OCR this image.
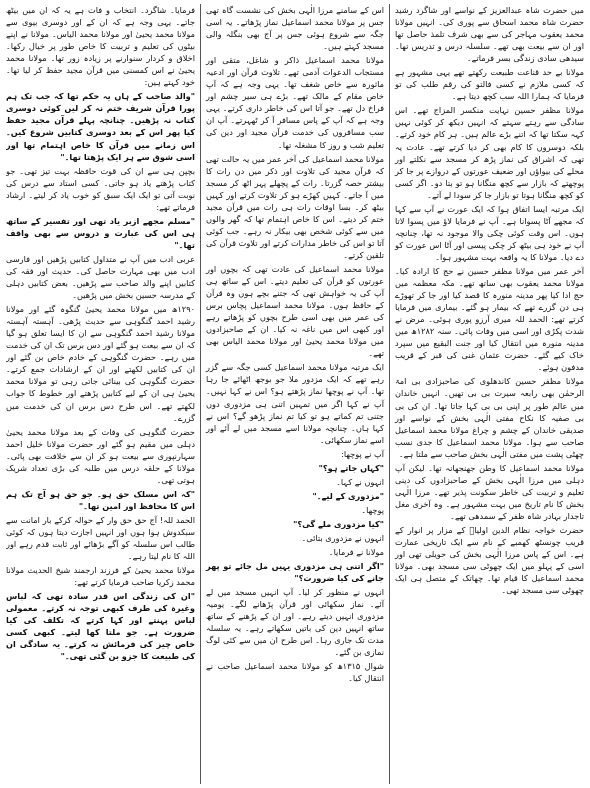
میں حضرت شاہ عبدالعزیز کے نواسے اور شاگرد رشید حضرت شاہ محمد اسحاق سے پوری کی۔ انہیں مولانا محمد یعقوب مہاجر کی سے بھی شرف تلمذ حاصل تھا اور ان سے بیعت بھی تھے۔ سلسلہ درس و تدریس تھا۔ سیدھی سادی زندگی بسر فرماتے۔

مولانا بے حد قناعت طبیعت رکھتے تھے یہی مشہور ہے کہ کسی ملازم نے کسی فالتو کی رقم طلب کی تو فرمایا کہ ہمارا اللہ سب کچھ دیتا ہے۔

مولانا مظفر حسین نہایت منکسر المزاج تھے۔ اس سادگی سے رہتے سہتے کہ انہیں دیکھ کر کوئی نہیں کہہ سکتا تھا کہ اتنے بڑے عالم ہیں۔ ہر کام خود کرتے۔ بلکہ دوسروں کا کام بھی کر دیا کرتے تھے۔ عادت یہ تھی کہ اشراق کی نماز پڑھ کر مسجد سے نکلتے اور محلے کی بیواؤں اور ضعیف عورتوں کے دروازے پر جا کر پوچھتے کہ بازار سے کچھ منگانا ہو تو بتا دو۔ اگر کسی کو کچھ منگانا ہوتا تو بازار جا کر سودا لے آتے۔

ایک مرتبہ ایسا اتفاق ہوا کہ ایک عورت نے آپ سے کہا کہ مجھے آٹا پسوانا ہے۔ آپ نے فرمایا لاؤ میں پسوا لاتا ہوں۔ اس وقت کوئی چکی والا موجود نہ تھا، چنانچہ آپ نے خود ہی بیٹھ کر چکی پیسی اور آٹا اس عورت کو دے دیا۔ مولانا کا یہ واقعہ بہت مشہور ہوا۔

آخر عمر میں مولانا مظفر حسین نے حج کا ارادہ کیا۔ مولانا محمد یعقوب بھی ساتھ تھے۔ مکہ معظمہ میں حج ادا کیا پھر مدینہ منورہ کا قصد کیا اور جا کر تھوڑے ہی دن گزرے تھے کہ بیمار ہو گئے۔ بیماری میں فرمایا کرتے تھے: الحمد للہ میری آرزو پوری ہوئی۔ مرض نے شدت پکڑی اور اسی میں وفات پائی۔ سنہ ۱۲۸۲ھ میں مدینہ منورہ میں انتقال کیا اور جنت البقیع میں سپرد خاک کیے گئے۔ حضرت عثمان غنی کی قبر کے قریب مدفون ہوئے۔

مولانا مظفر حسین کاندھلوی کی صاحبزادی بی امۃ الرحمٰن بھی رابعہ سیرت بی بی تھیں۔ انہیں خاندان میں عالم طور پر اپنی بی بی کہا جاتا تھا۔ ان کی بی بی صفیہ کا نکاح مفتی الٰہی بخش کے نواسے اور صدیقی خاندان کے چشم و چراغ مولانا محمد اسماعیل صاحب سے ہوا۔ مولانا محمد اسماعیل کا جدی نسب چھٹی پشت میں مفتی الٰہی بخش صاحب سے ملتا ہے۔

مولانا محمد اسماعیل کا وطن جھنجھانہ تھا۔ لیکن آپ دہلی میں مرزا الٰہی بخش کے صاحبزادوں کی دینی تعلیم و تربیت کی خاطر سکونت پذیر تھے۔ مرزا الٰہی بخش کا نام تاریخ میں بہت مشہور ہے۔ وہ آخری مغل تاجدار بہادر شاہ ظفر کے سمدھی تھے۔

حضرت خواجہ نظام الدین اولیاؒ کے مزار پر انوار کے قریب چونسٹھ کھمبے کے نام سے ایک تاریخی عمارت ہے۔ اس کے پاس مرزا الٰہی بخش کی حویلی تھی اور اسی کے پہلو میں ایک چھوٹی سی مسجد بھی۔ مولانا محمد اسماعیل کا قیام تھا۔ چھاتک کے متصل ہی ایک چھوٹی سی مسجد تھی۔

اس کے سامنے مرزا الٰہی بخش کی نشست گاہ تھی جس پر مولانا محمد اسماعیل نماز پڑھاتے۔ یہ اسی جگہ سے شروع ہوئی جس پر آج بھی بنگلہ والی مسجد کہتے ہیں۔

مولانا محمد اسماعیل ذاکر و شاغل، متقی اور مستجاب الدعوات آدمی تھے۔ تلاوت قرآن اور ادعیہ ماثورہ سے خاص شغف تھا۔ یہی وجہ ہے کہ آپ خاص مقام کے مالک تھے۔ بڑے ہی سیر چشم اور فراخ دل تھے۔ جو آتا اس کی خاطر داری کرتے۔ یہی وجہ ہے کہ آپ کے پاس مسافر آ کر ٹھہرتے۔ آپ ان سب مسافروں کی خدمت قرآن مجید اور دین کی تعلیم شب و روز کا مشغلہ تھا۔

مولانا محمد اسماعیل کی آخر عمر میں یہ حالت تھی کہ قرآن مجید کی تلاوت اور ذکر میں دن رات کا بیشتر حصہ گزرتا۔ رات کے پچھلے پہر اٹھ کر مسجد میں آ جاتے۔ کہیں کھڑے ہو کر تلاوت کرتے اور کہیں بیٹھ کر۔ بسا اوقات رات ہی رات میں قرآن مجید ختم کر دیتے۔ اس کا خاص اہتمام تھا کہ گھر والوں میں سے کوئی شخص بھی بیکار نہ رہے۔ جب کوئی آتا تو اس کی خاطر مدارات کرتے اور تلاوت قرآن کی تلقین کرتے۔

مولانا محمد اسماعیل کی عادت تھی کہ بچوں اور عورتوں کو قرآن کی تعلیم دیتے۔ اس کے ساتھ ہی آپ کی یہ خواہش تھی کہ جتنے بچے ہوں وہ قرآن کے حافظ ہوں۔ مولانا محمد اسماعیل پچاس برس کی عمر میں بھی اسی طرح بچوں کو پڑھاتے رہے اور کبھی اس میں ناغہ نہ کیا۔ ان کے صاحبزادوں میں مولانا محمد یحییٰ اور مولانا محمد الیاس بھی تھے۔

ایک مرتبہ مولانا محمد اسماعیل کسی جگہ سے گزر رہے تھے کہ ایک مزدور ملا جو بوجھ اٹھائے جا رہا تھا۔ آپ نے پوچھا نماز پڑھتے ہو؟ اس نے کہا نہیں۔ آپ نے کہا اگر میں تمہیں اتنی ہی مزدوری دوں جتنی تم کماتے ہو تو کیا تم نماز پڑھو گے؟ اس نے کہا ہاں۔ چنانچہ مولانا اسے مسجد میں لے آئے اور اسے نماز سکھائی۔

آپ نے پوچھا:

"کہاں جاتے ہو؟"

انہوں نے کہا۔

"مزدوری کے لیے۔"

پوچھا۔

"کیا مزدوری ملے گی؟"

انہوں نے مزدوری بتائی۔

مولانا نے فرمایا۔

"اگر اتنی ہی مزدوری یہیں مل جائے تو پھر جانے کی کیا ضرورت؟"

انہوں نے منظور کر لیا۔ آپ انہیں مسجد میں لے آئے۔ نماز سکھائی اور قرآن پڑھانے لگے۔ یومیہ مزدوری انہیں دیتے رہے۔ اور ان کے پڑھنے کے ساتھ ساتھ انہیں دین کی باتیں سکھاتے رہے۔ یہ سلسلہ مدت تک جاری رہا۔ اس طرح ان میں سے کئی لوگ نمازی بن گئے۔

شوال ۱۳۱۵ھ کو مولانا محمد اسماعیل صاحب نے انتقال کیا۔

فرمایا۔ شاگرد۔ انتخاب و فات ہے یہ کہ ان میں بیٹھ جاتے۔ یہی وجہ ہے کہ ان کے اور دوسری بیوی سے مولانا محمد یحییٰ اور مولانا محمد الیاس۔ مولانا نے اپنے بیٹوں کی تعلیم و تربیت کا خاص طور پر خیال رکھا۔ اخلاق و کردار سنوارنے پر زیادہ زور تھا۔ مولانا محمد یحییٰ نے اس کمسنی میں قرآن مجید حفظ کر لیا تھا۔ خود کہتے ہیں:

"والد صاحب کے ہاں یہ حکم تھا کہ جب تک ہم پورا قرآن شریف ختم نہ کر لیں کوئی دوسری کتاب نہ پڑھیں۔ چنانچہ پہلے قرآن مجید حفظ کیا پھر اس کے بعد دوسری کتابیں شروع کیں۔ اس زمانے میں قرآن کا خاص اہتمام تھا اور اسی شوق سے ہر ایک پڑھتا تھا۔"

بچپن ہی سے ان کی قوت حافظہ بہت تیز تھی۔ جو کتاب پڑھتے یاد ہو جاتی۔ کسی استاد سے درس کی نوبت آتی تو ایک ایک سبق کو خوب یاد کر لیتے۔ ارشاد فرماتے تھے:

"مسلم مجھے ازبر یاد تھی اور تفسیر کے ساتھ ہی اس کی عبارت و دروس سے بھی واقف تھا۔"

عربی ادب میں آپ نے متداول کتابیں پڑھیں اور فارسی ادب میں بھی مہارت حاصل کی۔ حدیث اور فقہ کی کتابیں اپنے والد صاحب سے پڑھیں۔ بعض کتابیں دہلی کے مدرسہ حسین بخش میں پڑھیں۔

۱۲۹۰ھ میں مولانا محمد یحییٰ گنگوہ گئے اور مولانا رشید احمد گنگوہی سے حدیث پڑھی۔ آہستہ آہستہ مولانا رشید احمد گنگوہی سے ان کا ایسا تعلق ہو گیا کہ ان سے بیعت ہو گئے اور دس برس تک ان کی خدمت میں رہے۔ حضرت گنگوہی کے خادم خاص بن گئے اور ان کی کتابیں لکھتے اور ان کے ارشادات جمع کرتے۔ حضرت گنگوہی کی بینائی جاتی رہی تو مولانا محمد یحییٰ ہی ان کے لیے کتابیں پڑھتے اور خطوط کا جواب لکھتے تھے۔ اس طرح دس برس ان کی خدمت میں گزرے۔

حضرت گنگوہی کی وفات کے بعد مولانا محمد یحییٰ دہلی میں مقیم ہو گئے اور حضرت مولانا خلیل احمد سہارنپوری سے بیعت ہو کر ان سے خلافت بھی پائی۔ مولانا کے حلقہ درس میں طلبہ کی بڑی تعداد شریک ہوتی تھی۔

"کہ اس مسلک حق ہو۔ جو حق ہو آج تک ہم اس کا محافظ اور امین تھا۔"

الحمد للہ! آج حق حق وار کے حوالہ کرکے بار امانت سے سبکدوش ہوا ہوں اور انہیں اجازت دیتا ہوں کہ کوئی طالب اس سلسلہ کو آگے بڑھائے اور ثابت قدم رہے اور اللہ کا نام لیتا رہے۔

مولانا محمد یحییٰ کے فرزند ارجمند شیخ الحدیث مولانا محمد زکریا صاحب فرمایا کرتے تھے:

"ان کی زندگی اس قدر سادہ تھی کہ لباس وغیرہ کی طرف کبھی توجہ نہ کرتے۔ معمولی لباس پہنتے اور کہا کرتے کہ تکلف کی کیا ضرورت ہے۔ جو ملتا کھا لیتے۔ کبھی کسی خاص چیز کی فرمائش نہ کرتے۔ یہ سادگی ان کی طبیعت کا جزو بن گئی تھی۔"
